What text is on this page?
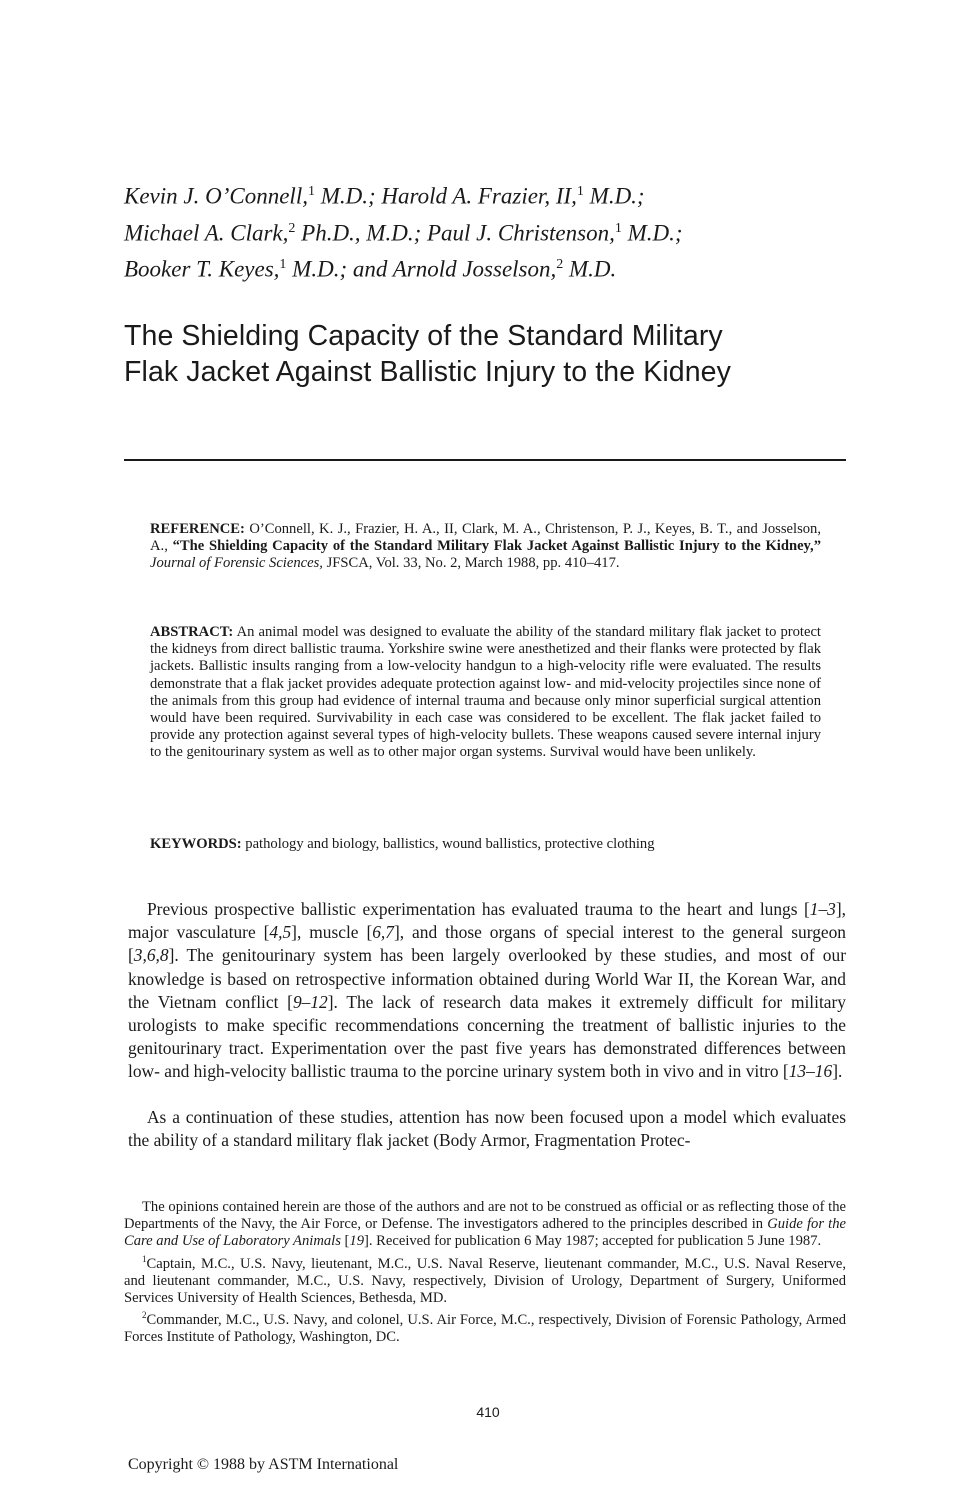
Kevin J. O’Connell,$^1$ M.D.; Harold A. Frazier, II,$^1$ M.D.;
Michael A. Clark,$^2$ Ph.D., M.D.; Paul J. Christenson,$^1$ M.D.;
Booker T. Keyes,$^1$ M.D.; and Arnold Josselson,$^2$ M.D.
The Shielding Capacity of the Standard Military
Flak Jacket Against Ballistic Injury to the Kidney
REFERENCE: O’Connell, K. J., Frazier, H. A., II, Clark, M. A., Christenson, P. J., Keyes, B. T., and Josselson, A., “The Shielding Capacity of the Standard Military Flak Jacket Against Ballistic Injury to the Kidney,” Journal of Forensic Sciences, JFSCA, Vol. 33, No. 2, March 1988, pp. 410–417.
ABSTRACT: An animal model was designed to evaluate the ability of the standard military flak jacket to protect the kidneys from direct ballistic trauma. Yorkshire swine were anesthetized and their flanks were protected by flak jackets. Ballistic insults ranging from a low-velocity handgun to a high-velocity rifle were evaluated. The results demonstrate that a flak jacket provides adequate protection against low- and mid-velocity projectiles since none of the animals from this group had evidence of internal trauma and because only minor superficial surgical attention would have been required. Survivability in each case was considered to be excellent. The flak jacket failed to provide any protection against several types of high-velocity bullets. These weapons caused severe internal injury to the genitourinary system as well as to other major organ systems. Survival would have been unlikely.
KEYWORDS: pathology and biology, ballistics, wound ballistics, protective clothing
Previous prospective ballistic experimentation has evaluated trauma to the heart and lungs [1–3], major vasculature [4,5], muscle [6,7], and those organs of special interest to the general surgeon [3,6,8]. The genitourinary system has been largely overlooked by these studies, and most of our knowledge is based on retrospective information obtained during World War II, the Korean War, and the Vietnam conflict [9–12]. The lack of research data makes it extremely difficult for military urologists to make specific recommendations concerning the treatment of ballistic injuries to the genitourinary tract. Experimentation over the past five years has demonstrated differences between low- and high-velocity ballistic trauma to the porcine urinary system both in vivo and in vitro [13–16].
As a continuation of these studies, attention has now been focused upon a model which evaluates the ability of a standard military flak jacket (Body Armor, Fragmentation Protec-

The opinions contained herein are those of the authors and are not to be construed as official or as reflecting those of the Departments of the Navy, the Air Force, or Defense. The investigators adhered to the principles described in Guide for the Care and Use of Laboratory Animals [19]. Received for publication 6 May 1987; accepted for publication 5 June 1987.

$^1$Captain, M.C., U.S. Navy, lieutenant, M.C., U.S. Naval Reserve, lieutenant commander, M.C., U.S. Naval Reserve, and lieutenant commander, M.C., U.S. Navy, respectively, Division of Urology, Department of Surgery, Uniformed Services University of Health Sciences, Bethesda, MD.

$^2$Commander, M.C., U.S. Navy, and colonel, U.S. Air Force, M.C., respectively, Division of Forensic Pathology, Armed Forces Institute of Pathology, Washington, DC.

410
Copyright © 1988 by ASTM International
